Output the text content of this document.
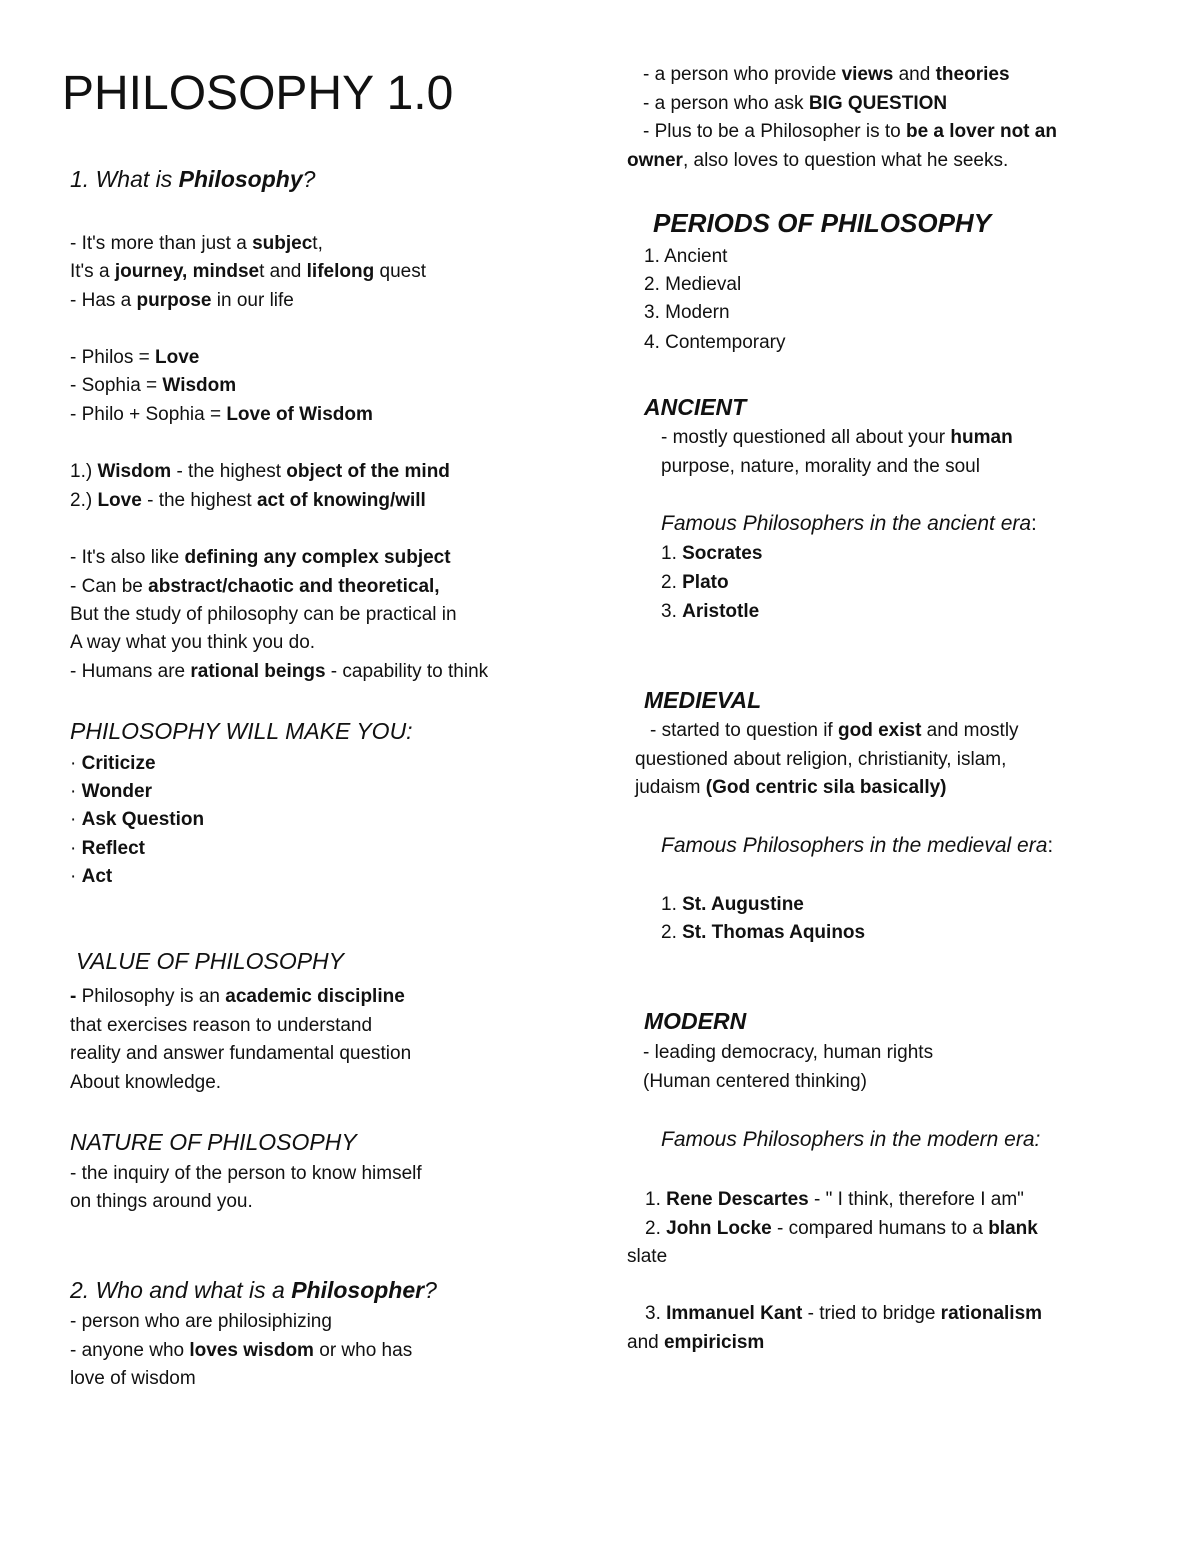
PHILOSOPHY 1.0
1. What is Philosophy?
- It's more than just a subject,
It's a journey, mindset and lifelong quest
- Has a purpose in our life
- Philos = Love
- Sophia = Wisdom
- Philo + Sophia = Love of Wisdom
1.) Wisdom - the highest object of the mind
2.) Love - the highest act of knowing/will
- It's also like defining any complex subject
- Can be abstract/chaotic and theoretical,
But the study of philosophy can be practical in
A way what you think you do.
- Humans are rational beings - capability to think
PHILOSOPHY WILL MAKE YOU:
· Criticize
· Wonder
· Ask Question
· Reflect
· Act
VALUE OF PHILOSOPHY
- Philosophy is an academic discipline
that exercises reason to understand
reality and answer fundamental question
About knowledge.
NATURE OF PHILOSOPHY
- the inquiry of the person to know himself
on things around you.
2. Who and what is a Philosopher?
- person who are philosiphizing
- anyone who loves wisdom or who has
love of wisdom
- a person who provide views and theories
- a person who ask BIG QUESTION
- Plus to be a Philosopher is to be a lover not an
owner, also loves to question what he seeks.
PERIODS OF PHILOSOPHY
1. Ancient
2. Medieval
3. Modern
4. Contemporary
ANCIENT
- mostly questioned all about your human
purpose, nature, morality and the soul
Famous Philosophers in the ancient era:
1. Socrates
2. Plato
3. Aristotle
MEDIEVAL
- started to question if god exist and mostly
questioned about religion, christianity, islam,
judaism (God centric sila basically)
Famous Philosophers in the medieval era:
1. St. Augustine
2. St. Thomas Aquinos
MODERN
- leading democracy, human rights
(Human centered thinking)
Famous Philosophers in the modern era:
1. Rene Descartes - " I think, therefore I am"
2. John Locke - compared humans to a blank
slate
3. Immanuel Kant - tried to bridge rationalism
and empiricism
